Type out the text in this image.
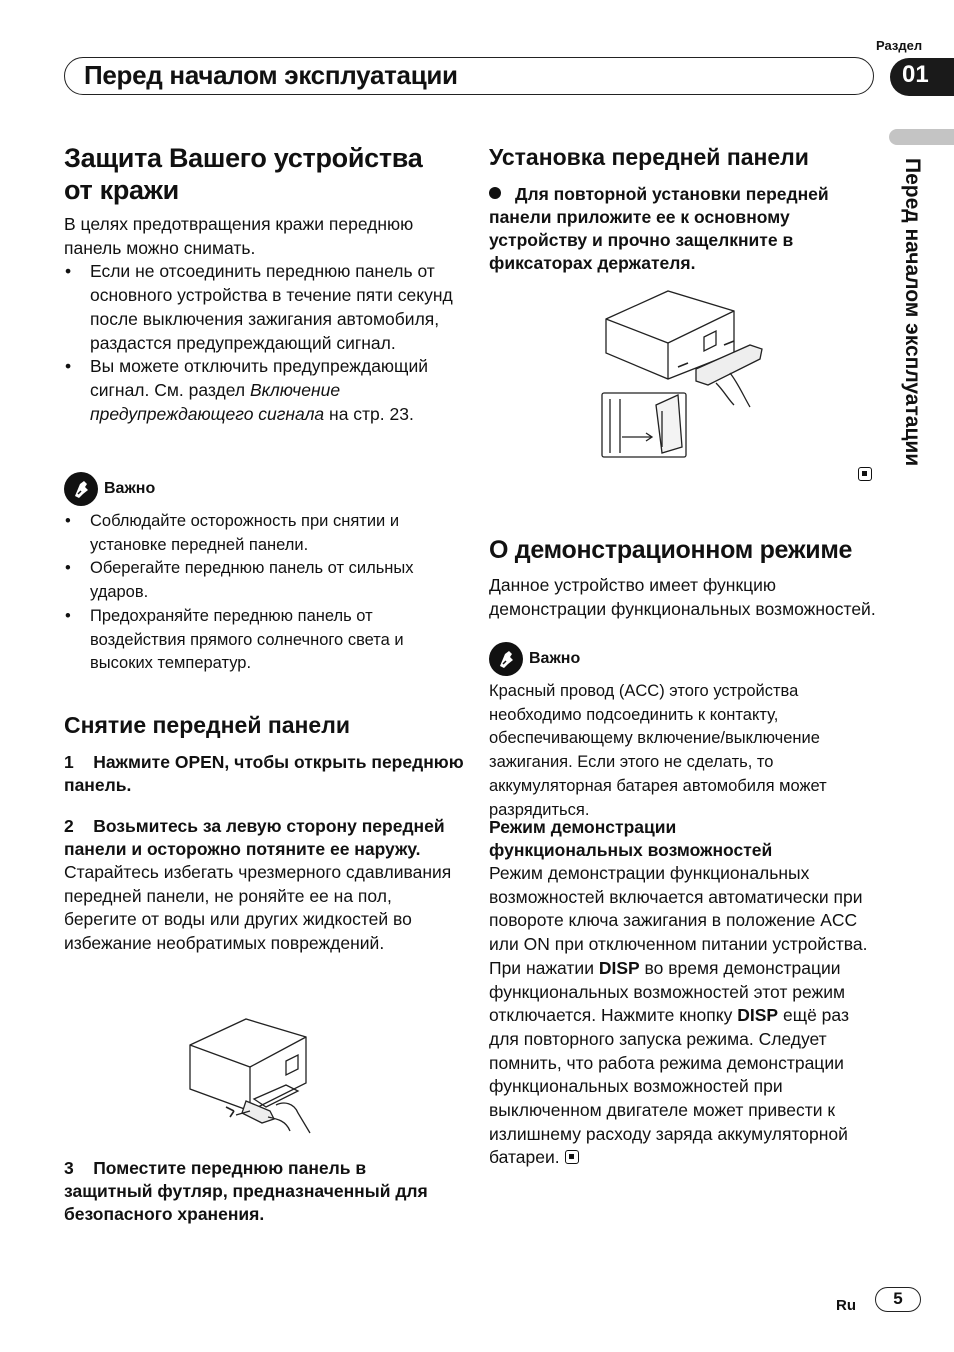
Раздел
Перед началом эксплуатации	01
Перед началом эксплуатации
Защита Вашего устройства
от кражи

В целях предотвращения кражи переднюю панель можно снимать.

• Если не отсоединить переднюю панель от основного устройства в течение пяти секунд после выключения зажигания автомобиля, раздастся предупреждающий сигнал.
• Вы можете отключить предупреждающий сигнал. См. раздел Включение предупреждающего сигнала на стр. 23.
Важно
• Соблюдайте осторожность при снятии и установке передней панели.
• Оберегайте переднюю панель от сильных ударов.
• Предохраняйте переднюю панель от воздействия прямого солнечного света и высоких температур.
Снятие передней панели
1 Нажмите OPEN, чтобы открыть переднюю панель.
2 Возьмитесь за левую сторону передней панели и осторожно потяните ее наружу.

Старайтесь избегать чрезмерного сдавливания передней панели, не роняйте ее на пол, берегите от воды или других жидкостей во избежание необратимых повреждений.

3 Поместите переднюю панель в защитный футляр, предназначенный для безопасного хранения.
Установка передней панели
Для повторной установки передней панели приложите ее к основному устройству и прочно защелкните в фиксаторах держателя.
О демонстрационном режиме

Данное устройство имеет функцию демонстрации функциональных возможностей.

Важно
Красный провод (ACC) этого устройства необходимо подсоединить к контакту, обеспечивающему включение/выключение зажигания. Если этого не сделать, то аккумуляторная батарея автомобиля может разрядиться.
Режим демонстрации
функциональных возможностей

Режим демонстрации функциональных возможностей включается автоматически при повороте ключа зажигания в положение ACC или ON при отключенном питании устройства. При нажатии DISP во время демонстрации функциональных возможностей этот режим отключается. Нажмите кнопку DISP ещё раз для повторного запуска режима. Следует помнить, что работа режима демонстрации функциональных возможностей при выключенном двигателе может привести к излишнему расходу заряда аккумуляторной батареи.

Ru	5
